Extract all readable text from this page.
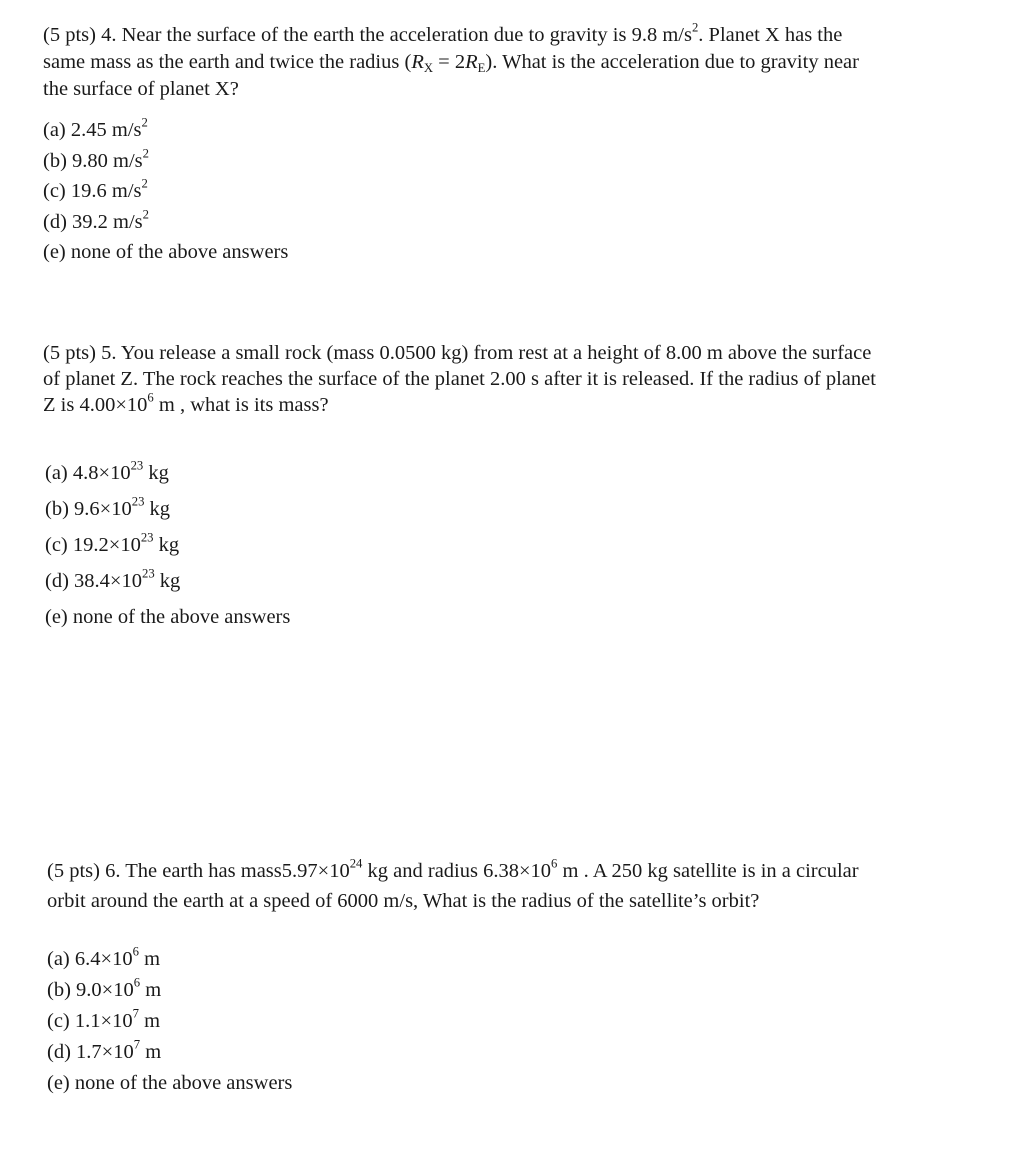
(5 pts) 4. Near the surface of the earth the acceleration due to gravity is 9.8 $m/s^2$. Planet X has the
same mass as the earth and twice the radius $(R_X = 2R_E)$. What is the acceleration due to gravity near
the surface of planet X?
(a) 2.45 $m/s^2$
(b) 9.80 $m/s^2$
(c) 19.6 $m/s^2$
(d) 39.2 $m/s^2$
(e) none of the above answers
(5 pts) 5. You release a small rock (mass 0.0500 kg) from rest at a height of 8.00 m above the surface
of planet Z. The rock reaches the surface of the planet 2.00 s after it is released. If the radius of planet
Z is $4.00\times 10^6$ m , what is its mass?
(a) $4.8\times 10^{23}$ kg
(b) $9.6\times 10^{23}$ kg
(c) $19.2\times 10^{23}$ kg
(d) $38.4\times 10^{23}$ kg
(e) none of the above answers
(5 pts) 6. The earth has $mass5.97\times 10^{24}$ kg and radius $6.38\times 10^6$ m . A 250 kg satellite is in a circular
orbit around the earth at a speed of 6000 m/s, What is the radius of the satellite’s orbit?
(a) $6.4\times 10^6$ m
(b) $9.0\times 10^6$ m
(c) $1.1\times 10^7$ m
(d) $1.7\times 10^7$ m
(e) none of the above answers
